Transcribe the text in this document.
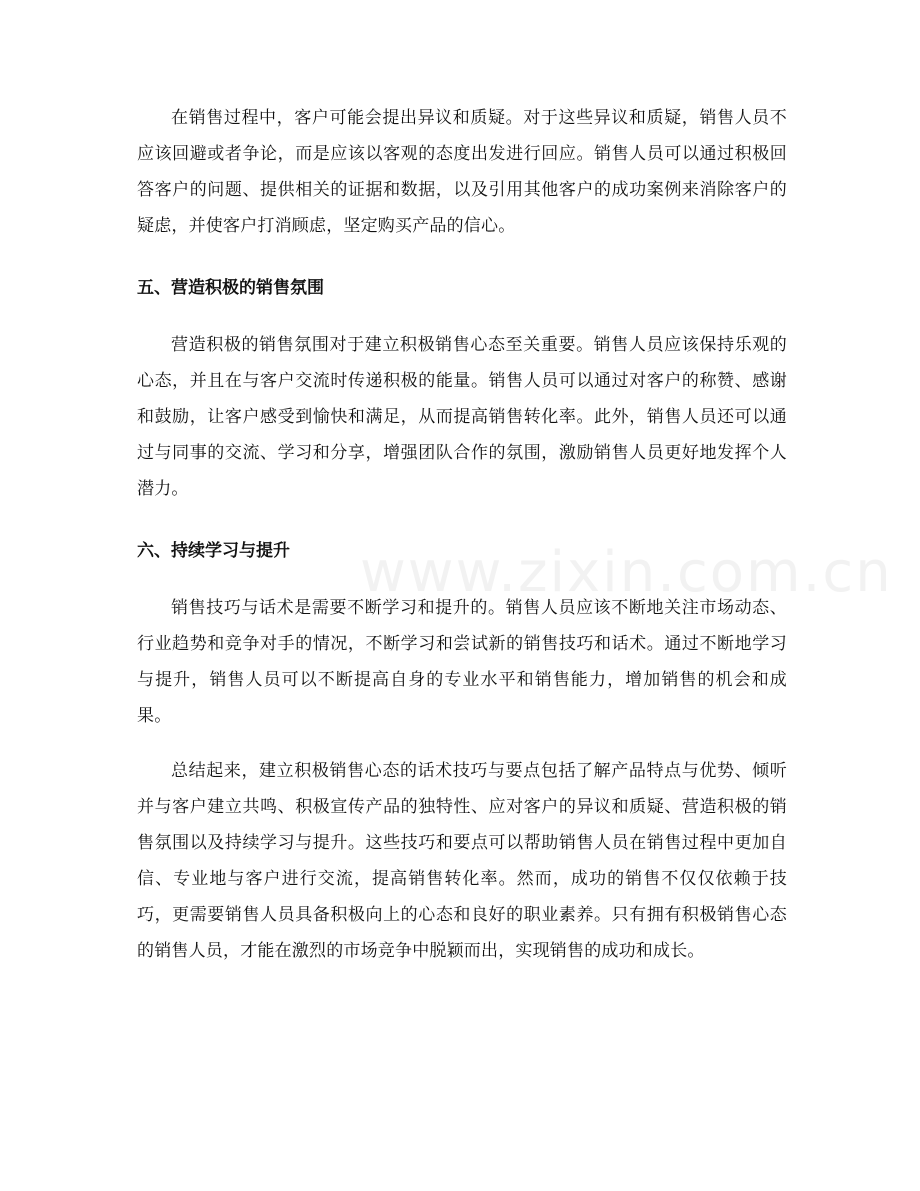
www.zixin.com.cn

在销售过程中，客户可能会提出异议和质疑。对于这些异议和质疑，销售人员不应该回避或者争论，而是应该以客观的态度出发进行回应。销售人员可以通过积极回答客户的问题、提供相关的证据和数据，以及引用其他客户的成功案例来消除客户的疑虑，并使客户打消顾虑，坚定购买产品的信心。

五、营造积极的销售氛围

营造积极的销售氛围对于建立积极销售心态至关重要。销售人员应该保持乐观的心态，并且在与客户交流时传递积极的能量。销售人员可以通过对客户的称赞、感谢和鼓励，让客户感受到愉快和满足，从而提高销售转化率。此外，销售人员还可以通过与同事的交流、学习和分享，增强团队合作的氛围，激励销售人员更好地发挥个人潜力。

六、持续学习与提升

销售技巧与话术是需要不断学习和提升的。销售人员应该不断地关注市场动态、行业趋势和竞争对手的情况，不断学习和尝试新的销售技巧和话术。通过不断地学习与提升，销售人员可以不断提高自身的专业水平和销售能力，增加销售的机会和成果。

总结起来，建立积极销售心态的话术技巧与要点包括了解产品特点与优势、倾听并与客户建立共鸣、积极宣传产品的独特性、应对客户的异议和质疑、营造积极的销售氛围以及持续学习与提升。这些技巧和要点可以帮助销售人员在销售过程中更加自信、专业地与客户进行交流，提高销售转化率。然而，成功的销售不仅仅依赖于技巧，更需要销售人员具备积极向上的心态和良好的职业素养。只有拥有积极销售心态的销售人员，才能在激烈的市场竞争中脱颖而出，实现销售的成功和成长。
